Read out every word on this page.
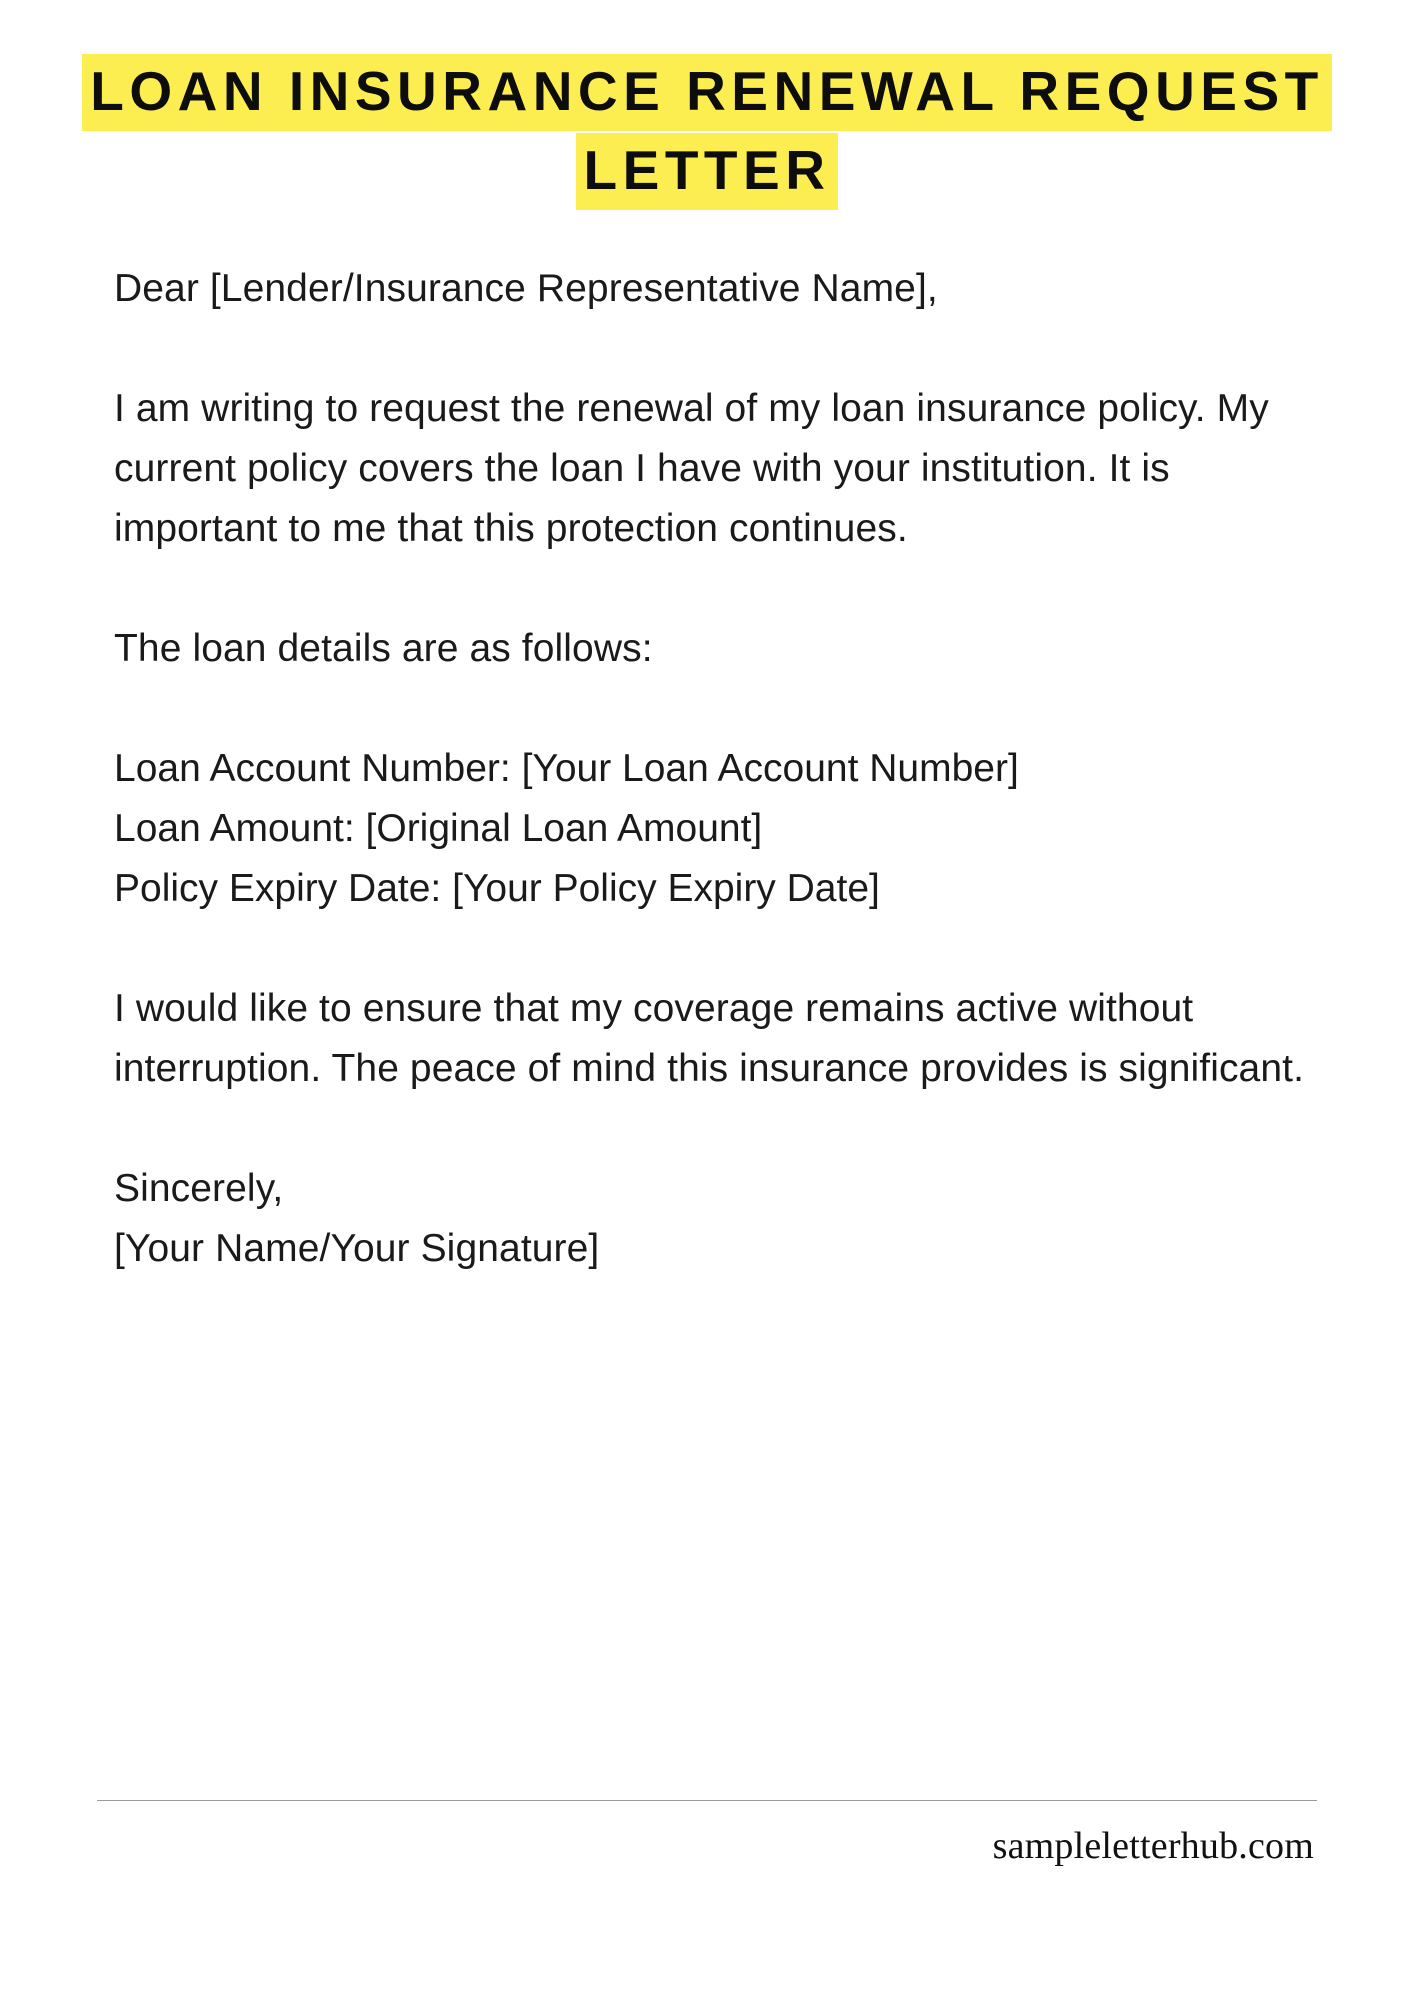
LOAN INSURANCE RENEWAL REQUEST
LETTER

Dear [Lender/Insurance Representative Name],

I am writing to request the renewal of my loan insurance policy. My current policy covers the loan I have with your institution. It is important to me that this protection continues.

The loan details are as follows:

Loan Account Number: [Your Loan Account Number]

Loan Amount: [Original Loan Amount]

Policy Expiry Date: [Your Policy Expiry Date]

I would like to ensure that my coverage remains active without interruption. The peace of mind this insurance provides is significant.

Sincerely,

[Your Name/Your Signature]

sampleletterhub.com
